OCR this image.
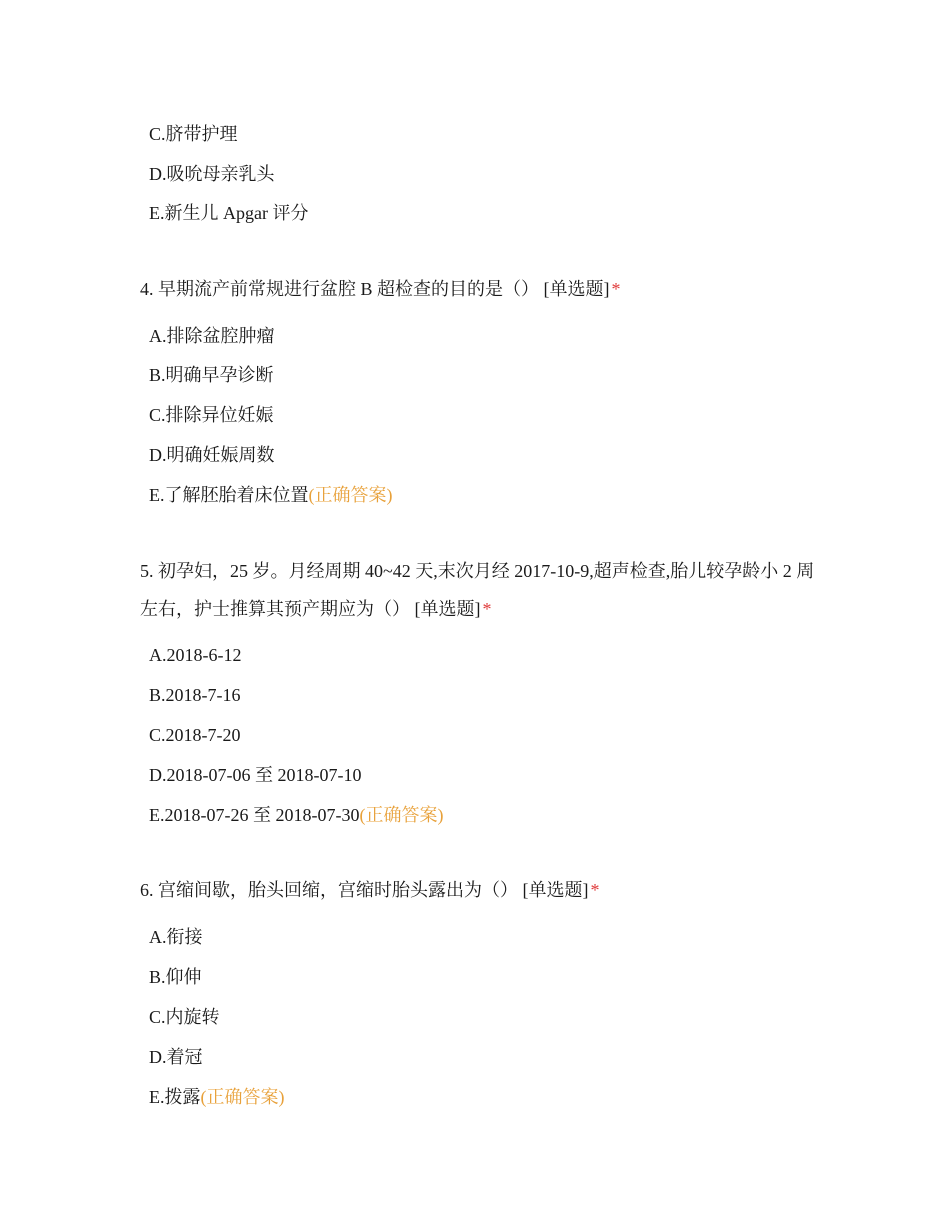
C.脐带护理
D.吸吮母亲乳头
E.新生儿 Apgar 评分
4. 早期流产前常规进行盆腔 B 超检查的目的是（） [单选题] *
A.排除盆腔肿瘤
B.明确早孕诊断
C.排除异位妊娠
D.明确妊娠周数
E.了解胚胎着床位置(正确答案)
5. 初孕妇，25 岁。月经周期 40~42 天,末次月经 2017-10-9,超声检查,胎儿较孕龄小 2 周左右，护士推算其预产期应为（） [单选题] *
A.2018-6-12
B.2018-7-16
C.2018-7-20
D.2018-07-06 至 2018-07-10
E.2018-07-26 至 2018-07-30(正确答案)
6. 宫缩间歇，胎头回缩，宫缩时胎头露出为（） [单选题] *
A.衔接
B.仰伸
C.内旋转
D.着冠
E.拨露(正确答案)
